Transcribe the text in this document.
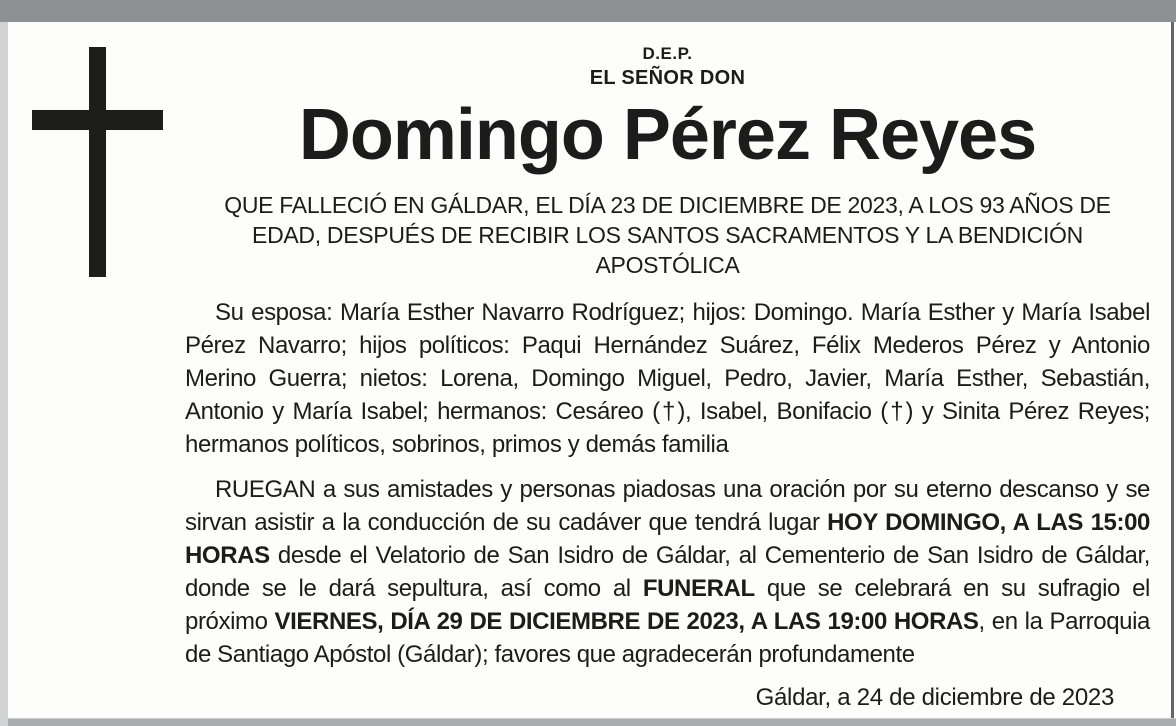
D.E.P.
EL SEÑOR DON
Domingo Pérez Reyes
QUE FALLECIÓ EN GÁLDAR, EL DÍA 23 DE DICIEMBRE DE 2023, A LOS 93 AÑOS DE EDAD, DESPUÉS DE RECIBIR LOS SANTOS SACRAMENTOS Y LA BENDICIÓN APOSTÓLICA
Su esposa: María Esther Navarro Rodríguez; hijos: Domingo. María Esther y María Isabel Pérez Navarro; hijos políticos: Paqui Hernández Suárez, Félix Mederos Pérez y Antonio Merino Guerra; nietos: Lorena, Domingo Miguel, Pedro, Javier, María Esther, Sebastián, Antonio y María Isabel; hermanos: Cesáreo (†), Isabel, Bonifacio (†) y Sinita Pérez Reyes; hermanos políticos, sobrinos, primos y demás familia
RUEGAN a sus amistades y personas piadosas una oración por su eterno descanso y se sirvan asistir a la conducción de su cadáver que tendrá lugar HOY DOMINGO, A LAS 15:00 HORAS desde el Velatorio de San Isidro de Gáldar, al Cementerio de San Isidro de Gáldar, donde se le dará sepultura, así como al FUNERAL que se celebrará en su sufragio el próximo VIERNES, DÍA 29 DE DICIEMBRE DE 2023, A LAS 19:00 HORAS, en la Parroquia de Santiago Apóstol (Gáldar); favores que agradecerán profundamente
Gáldar, a 24 de diciembre de 2023
